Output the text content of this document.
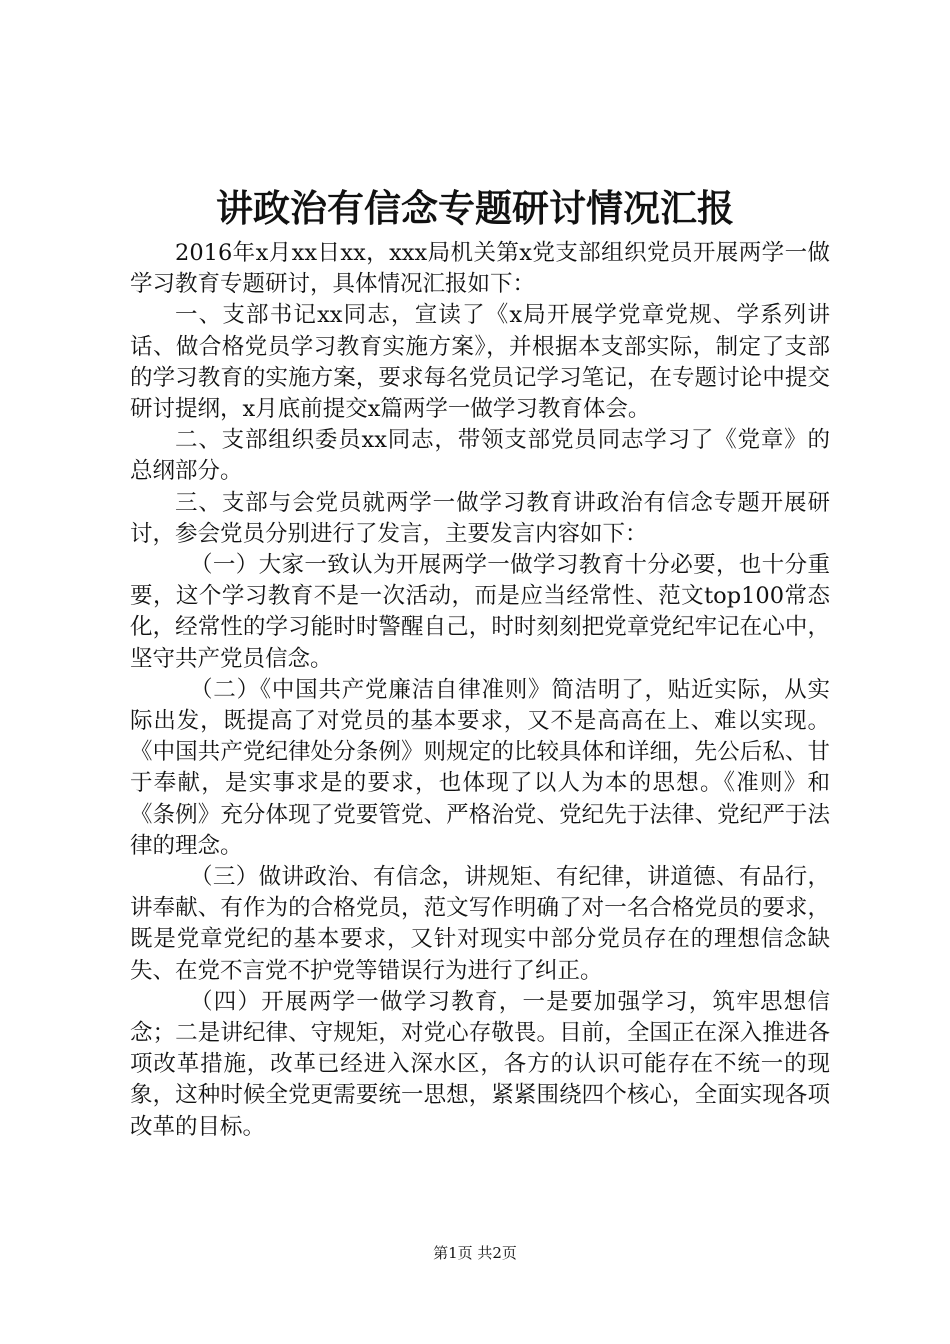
讲政治有信念专题研讨情况汇报

2016年x月xx日xx，xxx局机关第x党支部组织党员开展两学一做学习教育专题研讨，具体情况汇报如下：

一、支部书记xx同志，宣读了《x局开展学党章党规、学系列讲话、做合格党员学习教育实施方案》，并根据本支部实际，制定了支部的学习教育的实施方案，要求每名党员记学习笔记，在专题讨论中提交研讨提纲，x月底前提交x篇两学一做学习教育体会。

二、支部组织委员xx同志，带领支部党员同志学习了《党章》的总纲部分。

三、支部与会党员就两学一做学习教育讲政治有信念专题开展研讨，参会党员分别进行了发言，主要发言内容如下：

（一）大家一致认为开展两学一做学习教育十分必要，也十分重要，这个学习教育不是一次活动，而是应当经常性、范文top100常态化，经常性的学习能时时警醒自己，时时刻刻把党章党纪牢记在心中，坚守共产党员信念。

（二）《中国共产党廉洁自律准则》简洁明了，贴近实际，从实际出发，既提高了对党员的基本要求，又不是高高在上、难以实现。《中国共产党纪律处分条例》则规定的比较具体和详细，先公后私、甘于奉献，是实事求是的要求，也体现了以人为本的思想。《准则》和《条例》充分体现了党要管党、严格治党、党纪先于法律、党纪严于法律的理念。

（三）做讲政治、有信念，讲规矩、有纪律，讲道德、有品行，讲奉献、有作为的合格党员，范文写作明确了对一名合格党员的要求，既是党章党纪的基本要求，又针对现实中部分党员存在的理想信念缺失、在党不言党不护党等错误行为进行了纠正。

（四）开展两学一做学习教育，一是要加强学习，筑牢思想信念；二是讲纪律、守规矩，对党心存敬畏。目前，全国正在深入推进各项改革措施，改革已经进入深水区，各方的认识可能存在不统一的现象，这种时候全党更需要统一思想，紧紧围绕四个核心，全面实现各项改革的目标。

第1页 共2页
